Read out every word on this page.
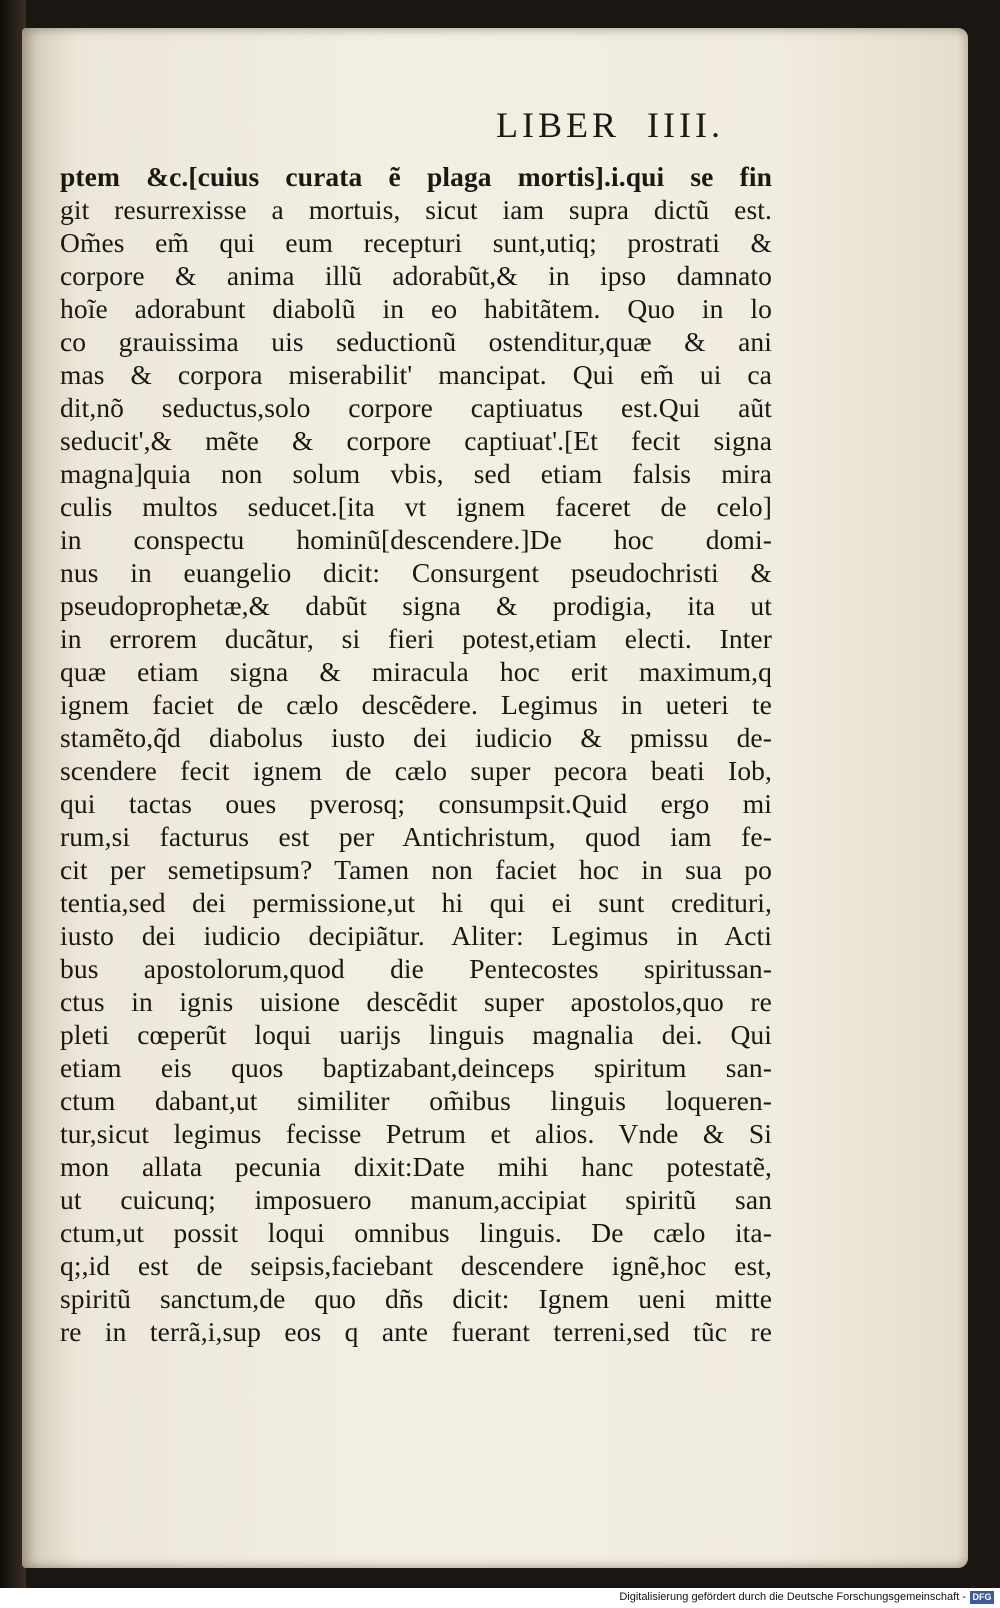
LIBER IIII.
ptem &c.[cuius curata ẽ plaga mortis].i.qui se fin
git resurrexisse a mortuis, sicut iam supra dictũ est.
Om̃es em̃ qui eum recepturi sunt,utiq; prostrati &
corpore & anima illũ adorabũt,& in ipso damnato
hoĩe adorabunt diabolũ in eo habitãtem. Quo in lo
co grauissima uis seductionũ ostenditur,quæ & ani
mas & corpora miserabilit' mancipat. Qui em̃ ui ca
dit,nõ seductus,solo corpore captiuatus est.Qui aũt
seducit',& mẽte & corpore captiuat'.[Et fecit signa
magna]quia non solum vbis, sed etiam falsis mira
culis multos seducet.[ita vt ignem faceret de celo]
in conspectu hominũ[descendere.]De hoc domi-
nus in euangelio dicit: Consurgent pseudochristi &
pseudoprophetæ,& dabũt signa & prodigia, ita ut
in errorem ducãtur, si fieri potest,etiam electi. Inter
quæ etiam signa & miracula hoc erit maximum,q
ignem faciet de cælo descẽdere. Legimus in ueteri te
stamẽto,q̃d diabolus iusto dei iudicio & pmissu de-
scendere fecit ignem de cælo super pecora beati Iob,
qui tactas oues pverosq; consumpsit.Quid ergo mi
rum,si facturus est per Antichristum, quod iam fe-
cit per semetipsum? Tamen non faciet hoc in sua po
tentia,sed dei permissione,ut hi qui ei sunt credituri,
iusto dei iudicio decipiãtur. Aliter: Legimus in Acti
bus apostolorum,quod die Pentecostes spiritussan-
ctus in ignis uisione descẽdit super apostolos,quo re
pleti cœperũt loqui uarijs linguis magnalia dei. Qui
etiam eis quos baptizabant,deinceps spiritum san-
ctum dabant,ut similiter om̃ibus linguis loqueren-
tur,sicut legimus fecisse Petrum et alios. Vnde & Si
mon allata pecunia dixit:Date mihi hanc potestatẽ,
ut cuicunq; imposuero manum,accipiat spiritũ san
ctum,ut possit loqui omnibus linguis. De cælo ita-
q;,id est de seipsis,faciebant descendere ignẽ,hoc est,
spiritũ sanctum,de quo dñs dicit: Ignem ueni mitte
re in terrã,i,sup eos q ante fuerant terreni,sed tũc re
Digitalisierung gefördert durch die Deutsche Forschungsgemeinschaft - DFG
